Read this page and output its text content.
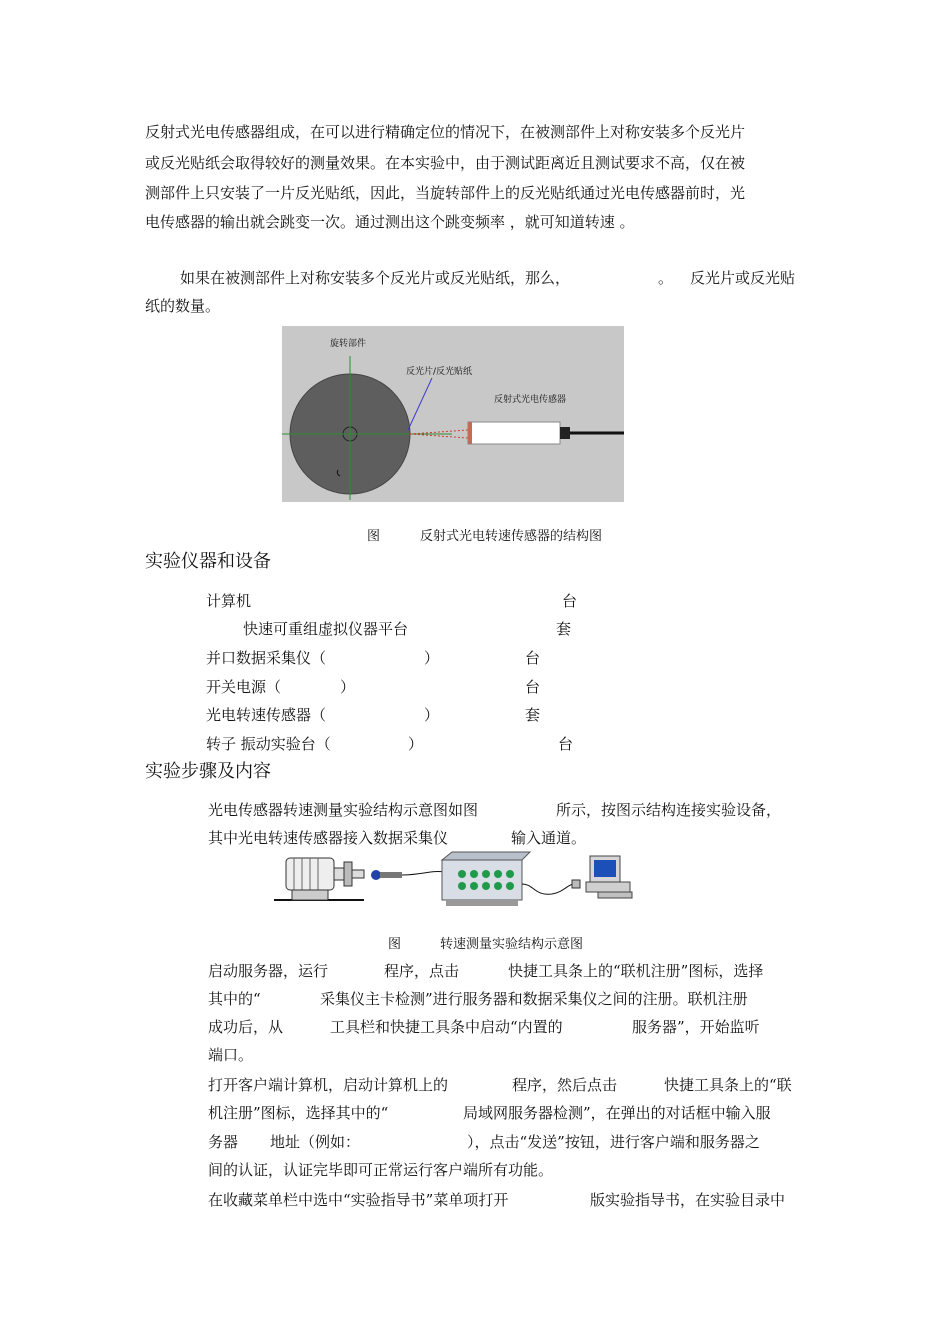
反射式光电传感器组成，在可以进行精确定位的情况下，在被测部件上对称安装多个反光片
或反光贴纸会取得较好的测量效果。在本实验中，由于测试距离近且测试要求不高，仅在被
测部件上只安装了一片反光贴纸，因此，当旋转部件上的反光贴纸通过光电传感器前时，光
电传感器的输出就会跳变一次。通过测出这个跳变频率 ，就可知道转速 。
如果在被测部件上对称安装多个反光片或反光贴纸，那么，	。 反光片或反光贴
纸的数量。
旋转部件
反光片/反光贴纸
反射式光电传感器
图	反射式光电转速传感器的结构图
实验仪器和设备
计算机	台
快速可重组虚拟仪器平台	套
并口数据采集仪（	）	台
开关电源（	）	台
光电转速传感器（	）	套
转子 振动实验台（	）	台
实验步骤及内容
光电传感器转速测量实验结构示意图如图	所示，按图示结构连接实验设备，
其中光电转速传感器接入数据采集仪	输入通道。
图	转速测量实验结构示意图
启动服务器，运行	程序，点击	快捷工具条上的“联机注册”图标，选择
其中的“	采集仪主卡检测”进行服务器和数据采集仪之间的注册。联机注册
成功后，从	工具栏和快捷工具条中启动“内置的	服务器”，开始监听
端口。
打开客户端计算机，启动计算机上的	程序，然后点击	快捷工具条上的“联
机注册”图标，选择其中的“	局域网服务器检测”，在弹出的对话框中输入服
务器 地址（例如：	），点击“发送”按钮，进行客户端和服务器之
间的认证，认证完毕即可正常运行客户端所有功能。
在收藏菜单栏中选中“实验指导书”菜单项打开	版实验指导书，在实验目录中
